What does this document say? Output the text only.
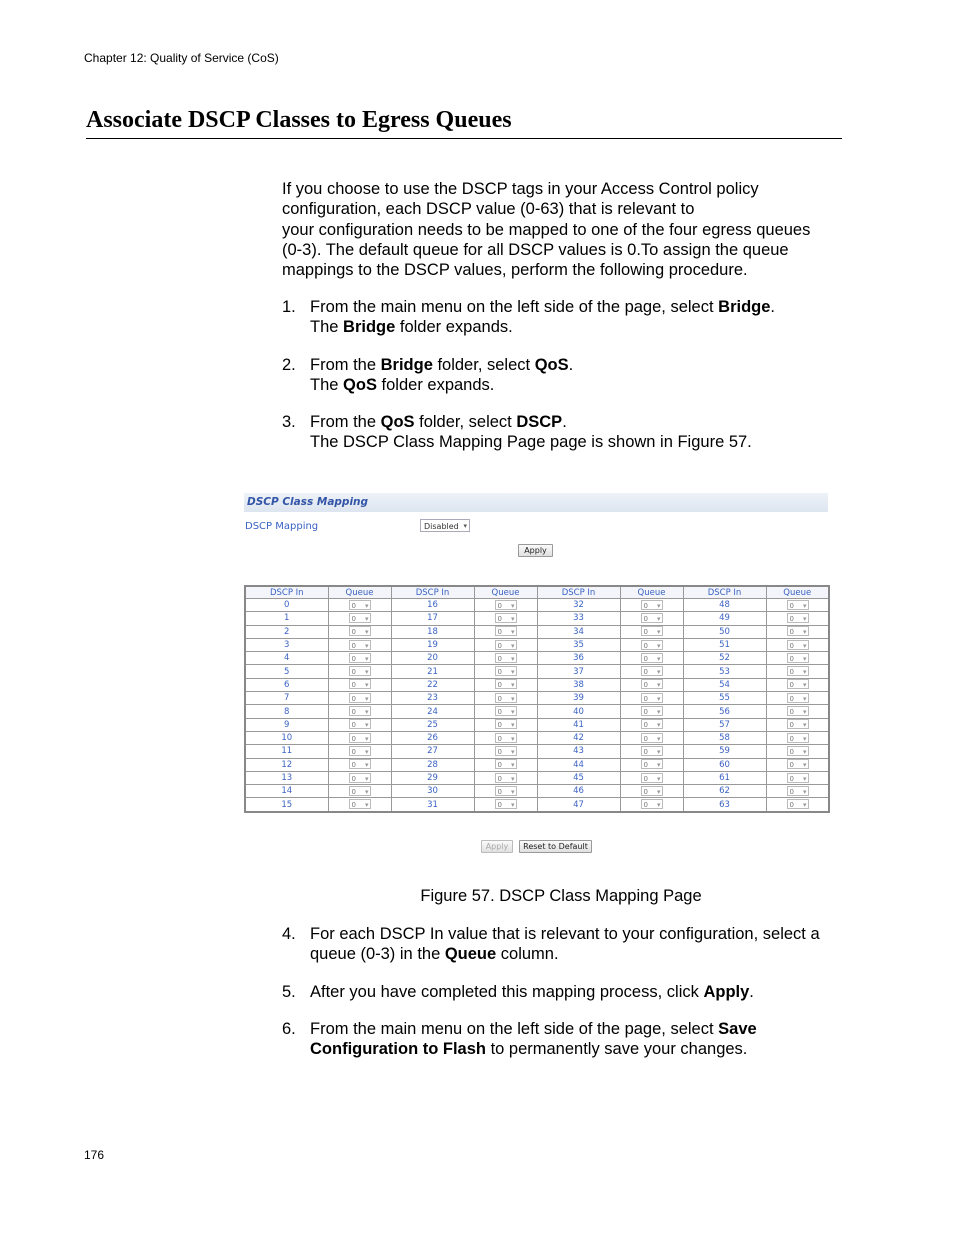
Chapter 12: Quality of Service (CoS)
Associate DSCP Classes to Egress Queues
If you choose to use the DSCP tags in your Access Control policy
configuration, each DSCP value (0-63) that is relevant to
your configuration needs to be mapped to one of the four egress queues
(0-3). The default queue for all DSCP values is 0.To assign the queue
mappings to the DSCP values, perform the following procedure.
1. From the main menu on the left side of the page, select Bridge.
The Bridge folder expands.
2. From the Bridge folder, select QoS.
The QoS folder expands.
3. From the QoS folder, select DSCP.
The DSCP Class Mapping Page page is shown in Figure 57.
DSCP Class Mapping
DSCP Mapping	Disabled ▾
Apply
DSCP In	Queue	DSCP In	Queue	DSCP In	Queue	DSCP In	Queue
0	0 ▾	16	0 ▾	32	0 ▾	48	0 ▾
1	0 ▾	17	0 ▾	33	0 ▾	49	0 ▾
2	0 ▾	18	0 ▾	34	0 ▾	50	0 ▾
3	0 ▾	19	0 ▾	35	0 ▾	51	0 ▾
4	0 ▾	20	0 ▾	36	0 ▾	52	0 ▾
5	0 ▾	21	0 ▾	37	0 ▾	53	0 ▾
6	0 ▾	22	0 ▾	38	0 ▾	54	0 ▾
7	0 ▾	23	0 ▾	39	0 ▾	55	0 ▾
8	0 ▾	24	0 ▾	40	0 ▾	56	0 ▾
9	0 ▾	25	0 ▾	41	0 ▾	57	0 ▾
10	0 ▾	26	0 ▾	42	0 ▾	58	0 ▾
11	0 ▾	27	0 ▾	43	0 ▾	59	0 ▾
12	0 ▾	28	0 ▾	44	0 ▾	60	0 ▾
13	0 ▾	29	0 ▾	45	0 ▾	61	0 ▾
14	0 ▾	30	0 ▾	46	0 ▾	62	0 ▾
15	0 ▾	31	0 ▾	47	0 ▾	63	0 ▾
Apply	Reset to Default
Figure 57. DSCP Class Mapping Page
4. For each DSCP In value that is relevant to your configuration, select a
queue (0-3) in the Queue column.
5. After you have completed this mapping process, click Apply.
6. From the main menu on the left side of the page, select Save
Configuration to Flash to permanently save your changes.
176
